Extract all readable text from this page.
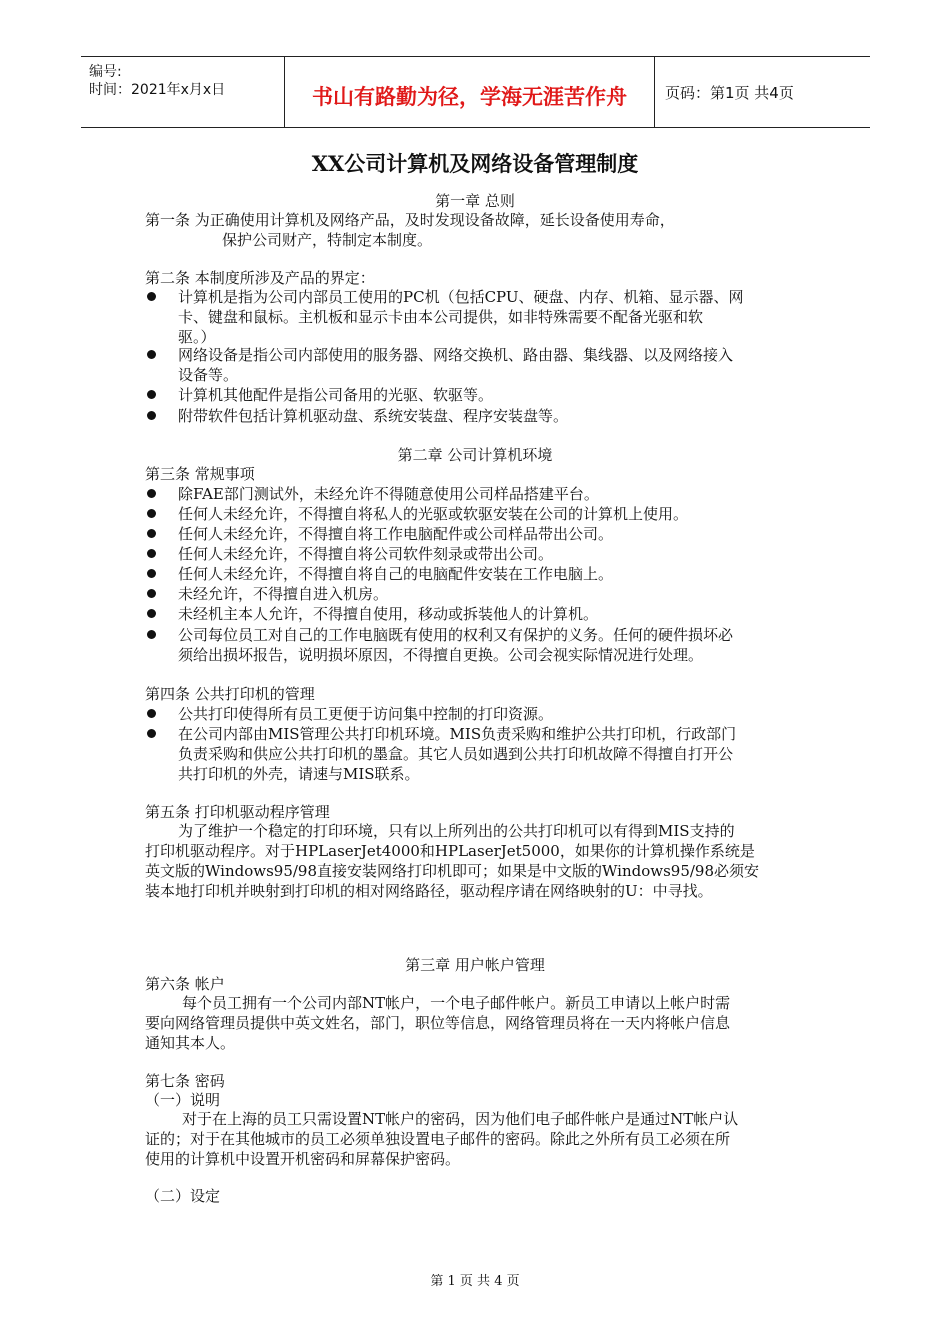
编号:
时间：2021年x月x日	书山有路勤为径，学海无涯苦作舟	页码：第1页 共4页
XX公司计算机及网络设备管理制度
第一章 总则
第一条 为正确使用计算机及网络产品，及时发现设备故障，延长设备使用寿命，
保护公司财产，特制定本制度。
第二条 本制度所涉及产品的界定：
计算机是指为公司内部员工使用的PC机（包括CPU、硬盘、内存、机箱、显示器、网
卡、键盘和鼠标。主机板和显示卡由本公司提供，如非特殊需要不配备光驱和软
驱。）
网络设备是指公司内部使用的服务器、网络交换机、路由器、集线器、以及网络接入
设备等。
计算机其他配件是指公司备用的光驱、软驱等。
附带软件包括计算机驱动盘、系统安装盘、程序安装盘等。
第二章 公司计算机环境
第三条 常规事项
除FAE部门测试外，未经允许不得随意使用公司样品搭建平台。
任何人未经允许，不得擅自将私人的光驱或软驱安装在公司的计算机上使用。
任何人未经允许，不得擅自将工作电脑配件或公司样品带出公司。
任何人未经允许，不得擅自将公司软件刻录或带出公司。
任何人未经允许，不得擅自将自己的电脑配件安装在工作电脑上。
未经允许，不得擅自进入机房。
未经机主本人允许，不得擅自使用，移动或拆装他人的计算机。
公司每位员工对自己的工作电脑既有使用的权利又有保护的义务。任何的硬件损坏必
须给出损坏报告，说明损坏原因，不得擅自更换。公司会视实际情况进行处理。
第四条 公共打印机的管理
公共打印使得所有员工更便于访问集中控制的打印资源。
在公司内部由MIS管理公共打印机环境。MIS负责采购和维护公共打印机，行政部门
负责采购和供应公共打印机的墨盒。其它人员如遇到公共打印机故障不得擅自打开公
共打印机的外壳，请速与MIS联系。
第五条 打印机驱动程序管理
为了维护一个稳定的打印环境，只有以上所列出的公共打印机可以有得到MIS支持的
打印机驱动程序。对于HPLaserJet4000和HPLaserJet5000，如果你的计算机操作系统是
英文版的Windows95/98直接安装网络打印机即可；如果是中文版的Windows95/98必须安
装本地打印机并映射到打印机的相对网络路径，驱动程序请在网络映射的U：中寻找。
第三章 用户帐户管理
第六条 帐户
每个员工拥有一个公司内部NT帐户，一个电子邮件帐户。新员工申请以上帐户时需
要向网络管理员提供中英文姓名，部门，职位等信息，网络管理员将在一天内将帐户信息
通知其本人。
第七条 密码
（一）说明
对于在上海的员工只需设置NT帐户的密码，因为他们电子邮件帐户是通过NT帐户认
证的；对于在其他城市的员工必须单独设置电子邮件的密码。除此之外所有员工必须在所
使用的计算机中设置开机密码和屏幕保护密码。
（二）设定
第 1 页 共 4 页
